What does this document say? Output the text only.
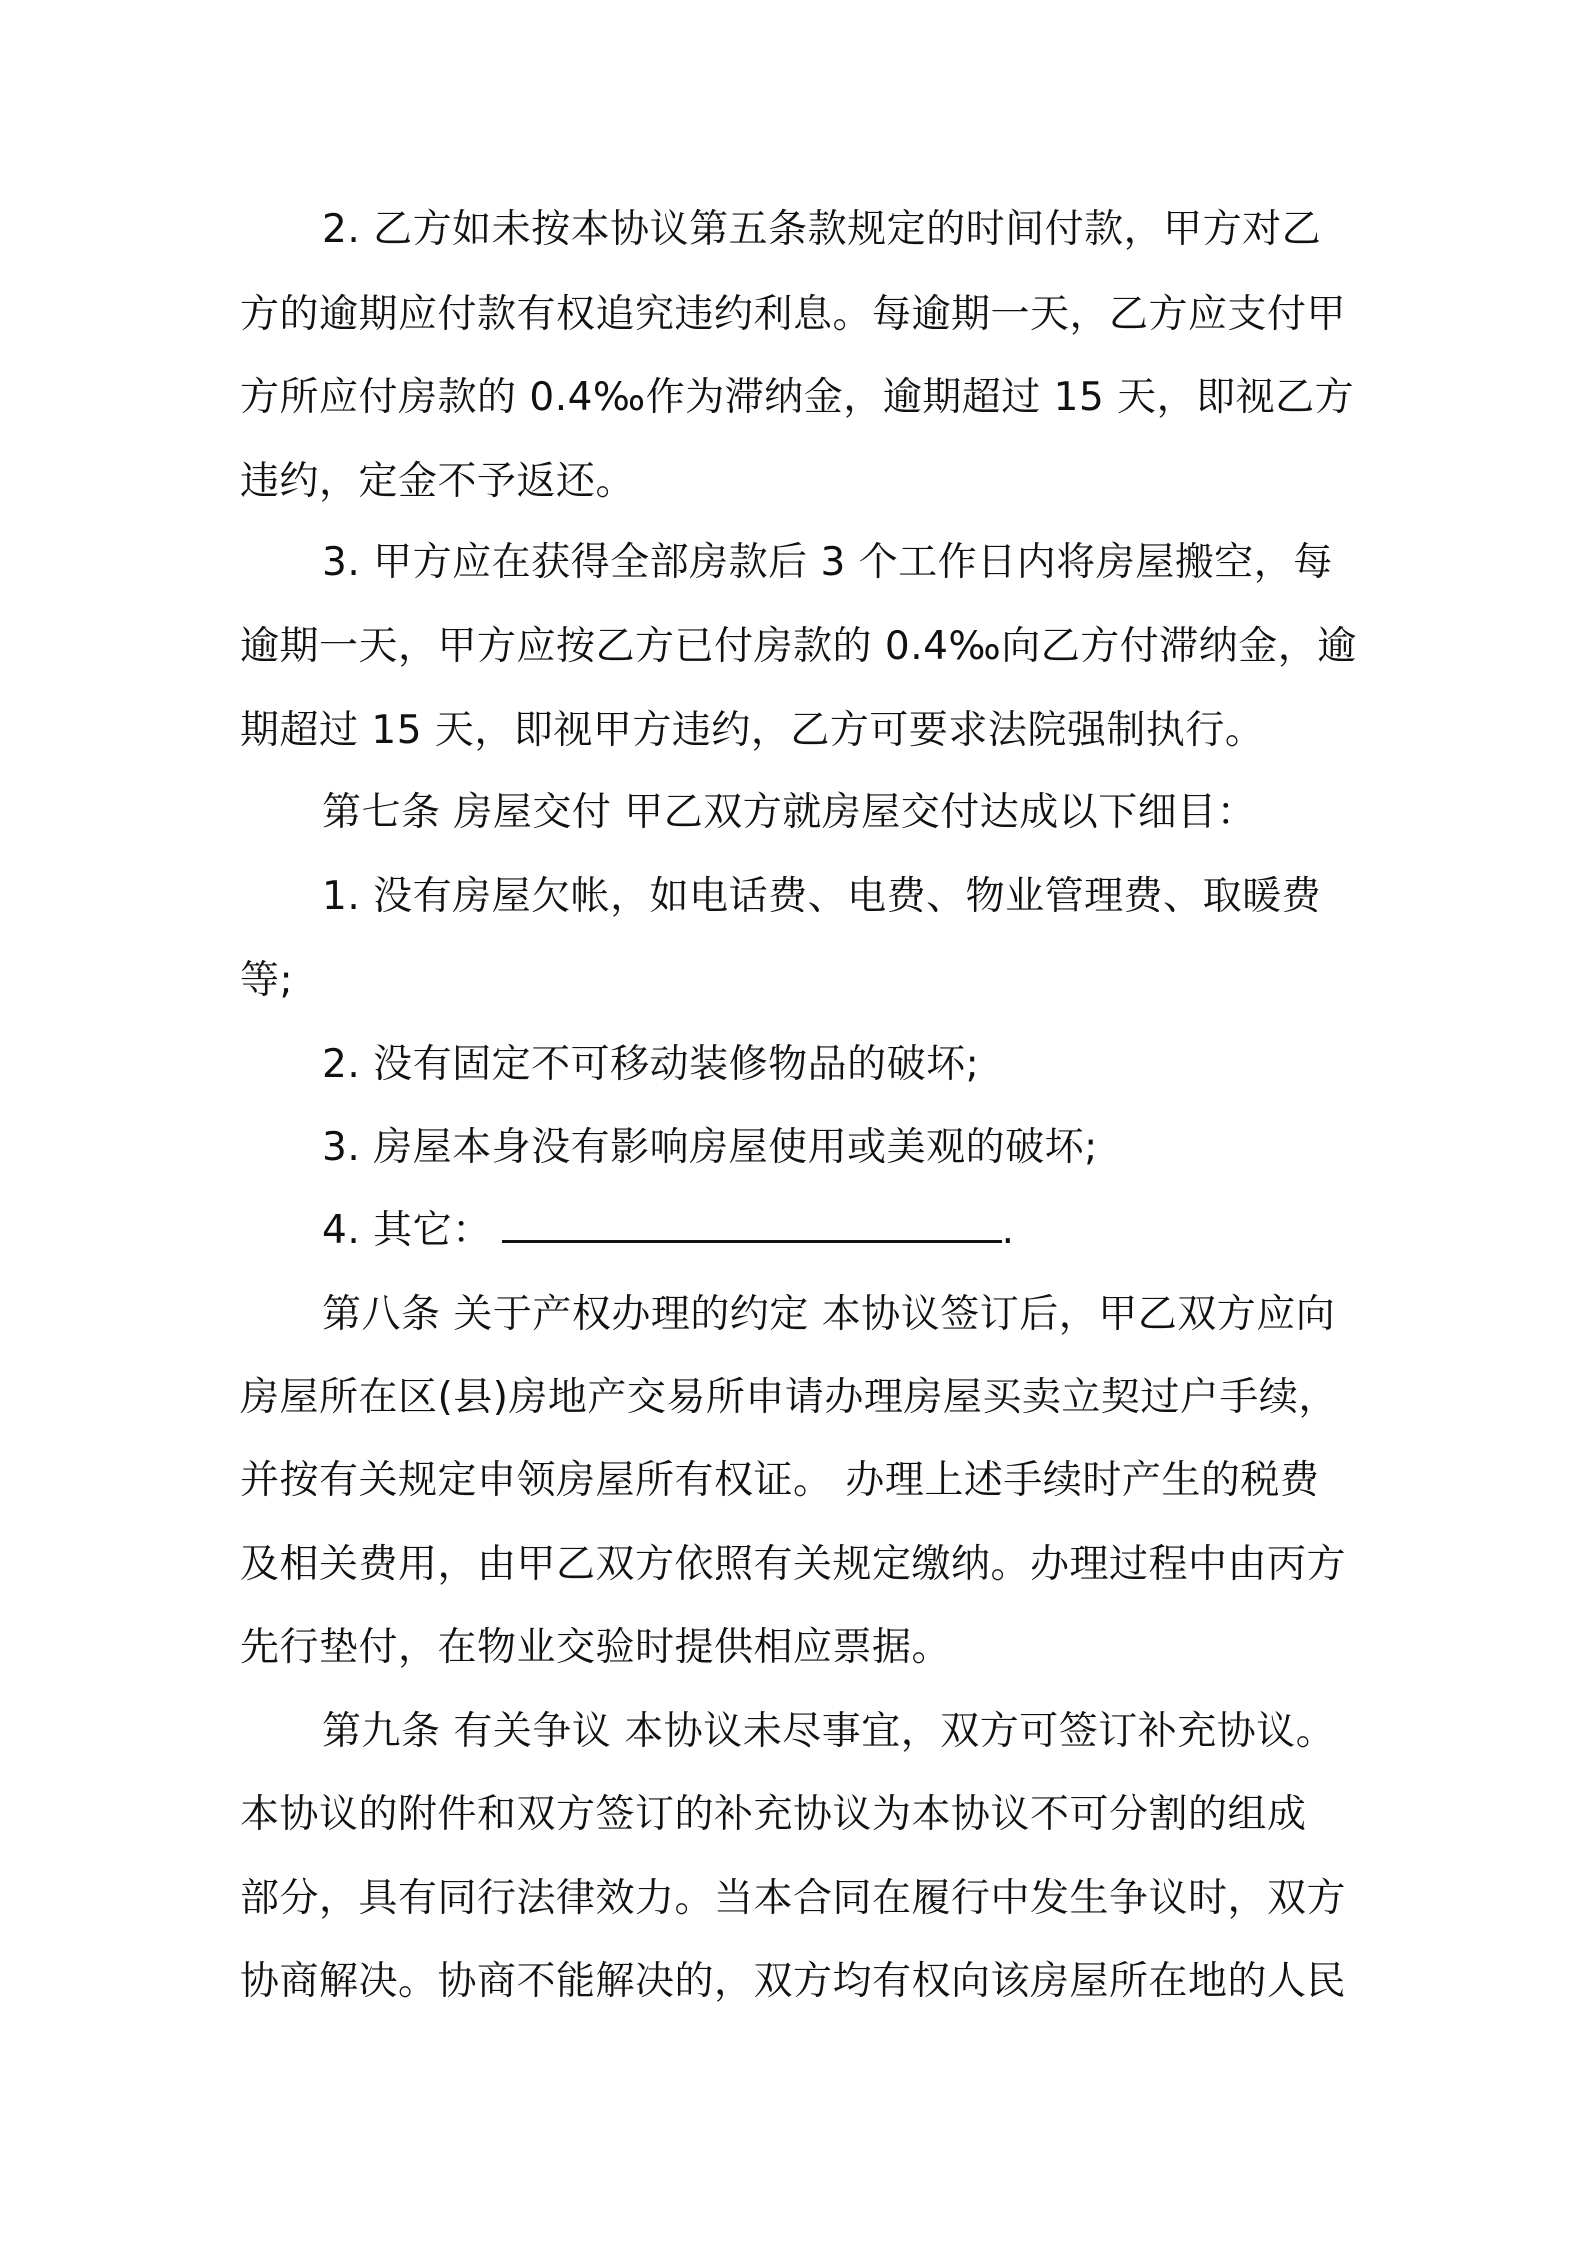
2. 乙方如未按本协议第五条款规定的时间付款，甲方对乙
方的逾期应付款有权追究违约利息。每逾期一天，乙方应支付甲
方所应付房款的 0.4‰作为滞纳金，逾期超过 15 天，即视乙方
违约，定金不予返还。
3. 甲方应在获得全部房款后 3 个工作日内将房屋搬空，每
逾期一天，甲方应按乙方已付房款的 0.4‰向乙方付滞纳金，逾
期超过 15 天，即视甲方违约，乙方可要求法院强制执行。
第七条 房屋交付 甲乙双方就房屋交付达成以下细目：
1. 没有房屋欠帐，如电话费、电费、物业管理费、取暖费
等;
2. 没有固定不可移动装修物品的破坏;
3. 房屋本身没有影响房屋使用或美观的破坏;
4. 其它：	.
第八条 关于产权办理的约定 本协议签订后，甲乙双方应向
房屋所在区(县)房地产交易所申请办理房屋买卖立契过户手续，
并按有关规定申领房屋所有权证。 办理上述手续时产生的税费
及相关费用，由甲乙双方依照有关规定缴纳。办理过程中由丙方
先行垫付，在物业交验时提供相应票据。
第九条 有关争议 本协议未尽事宜，双方可签订补充协议。
本协议的附件和双方签订的补充协议为本协议不可分割的组成
部分，具有同行法律效力。当本合同在履行中发生争议时，双方
协商解决。协商不能解决的，双方均有权向该房屋所在地的人民
